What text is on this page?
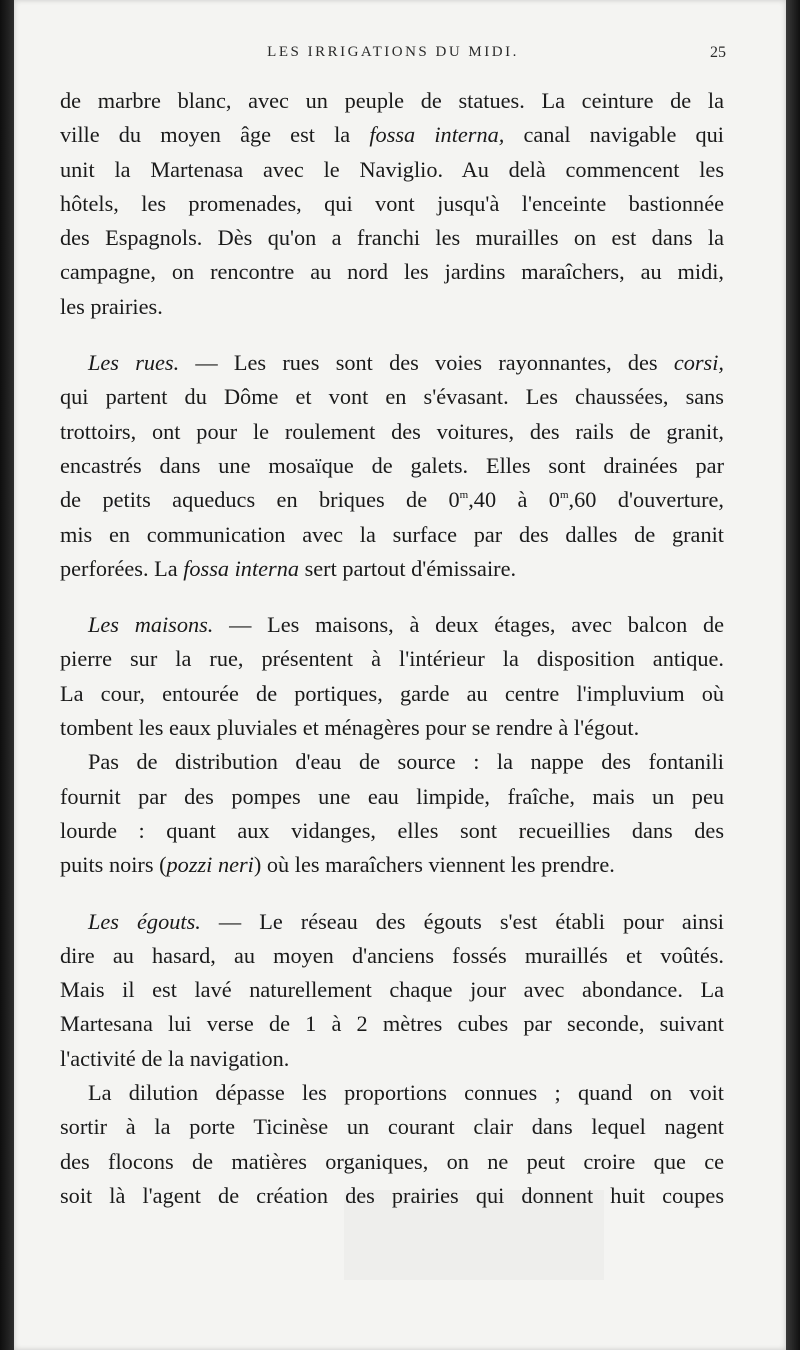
LES IRRIGATIONS DU MIDI.	25
de marbre blanc, avec un peuple de statues. La ceinture de la
ville du moyen âge est la fossa interna, canal navigable qui
unit la Martenasa avec le Naviglio. Au delà commencent les
hôtels, les promenades, qui vont jusqu'à l'enceinte bastionnée
des Espagnols. Dès qu'on a franchi les murailles on est dans la
campagne, on rencontre au nord les jardins maraîchers, au midi,
les prairies.
Les rues. — Les rues sont des voies rayonnantes, des corsi,
qui partent du Dôme et vont en s'évasant. Les chaussées, sans
trottoirs, ont pour le roulement des voitures, des rails de granit,
encastrés dans une mosaïque de galets. Elles sont drainées par
de petits aqueducs en briques de 0$^m$,40 à 0$^m$,60 d'ouverture,
mis en communication avec la surface par des dalles de granit
perforées. La fossa interna sert partout d'émissaire.
Les maisons. — Les maisons, à deux étages, avec balcon de
pierre sur la rue, présentent à l'intérieur la disposition antique.
La cour, entourée de portiques, garde au centre l'impluvium où
tombent les eaux pluviales et ménagères pour se rendre à l'égout.
Pas de distribution d'eau de source : la nappe des fontanili
fournit par des pompes une eau limpide, fraîche, mais un peu
lourde : quant aux vidanges, elles sont recueillies dans des
puits noirs (pozzi neri) où les maraîchers viennent les prendre.
Les égouts. — Le réseau des égouts s'est établi pour ainsi
dire au hasard, au moyen d'anciens fossés muraillés et voûtés.
Mais il est lavé naturellement chaque jour avec abondance. La
Martesana lui verse de 1 à 2 mètres cubes par seconde, suivant
l'activité de la navigation.
La dilution dépasse les proportions connues ; quand on voit
sortir à la porte Ticinèse un courant clair dans lequel nagent
des flocons de matières organiques, on ne peut croire que ce
soit là l'agent de création des prairies qui donnent huit coupes
